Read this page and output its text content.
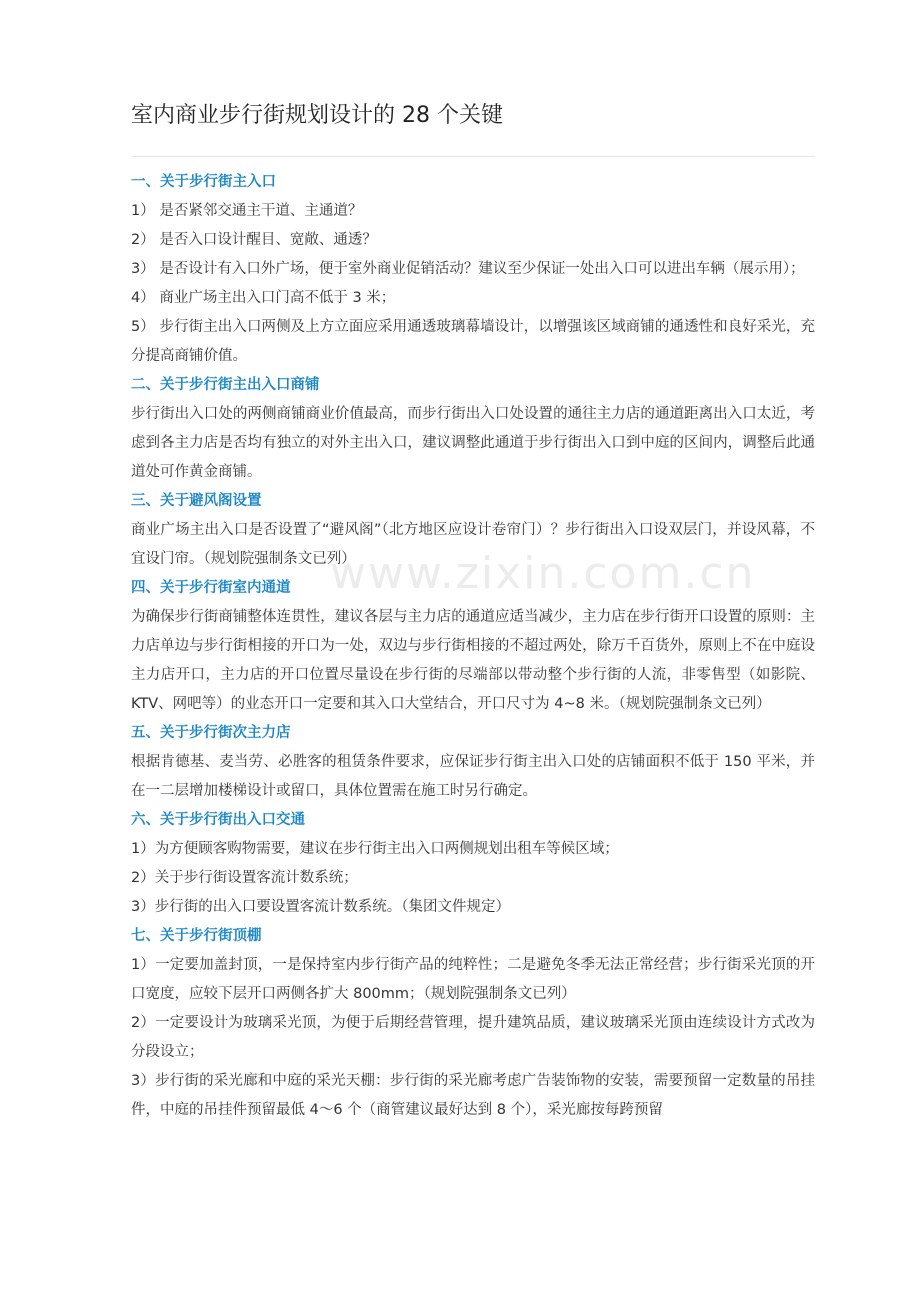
室内商业步行街规划设计的 28 个关键
www.zixin.com.cn

一、关于步行街主入口

1） 是否紧邻交通主干道、主通道？

2） 是否入口设计醒目、宽敞、通透？

3） 是否设计有入口外广场，便于室外商业促销活动？建议至少保证一处出入口可以进出车辆（展示用）；

4） 商业广场主出入口门高不低于 3 米；

5） 步行街主出入口两侧及上方立面应采用通透玻璃幕墙设计，以增强该区域商铺的通透性和良好采光，充分提高商铺价值。

二、关于步行街主出入口商铺

步行街出入口处的两侧商铺商业价值最高，而步行街出入口处设置的通往主力店的通道距离出入口太近，考虑到各主力店是否均有独立的对外主出入口，建议调整此通道于步行街出入口到中庭的区间内，调整后此通道处可作黄金商铺。

三、关于避风阁设置

商业广场主出入口是否设置了“避风阁”（北方地区应设计卷帘门）？步行街出入口设双层门，并设风幕，不宜设门帘。（规划院强制条文已列）

四、关于步行街室内通道

为确保步行街商铺整体连贯性，建议各层与主力店的通道应适当减少，主力店在步行街开口设置的原则：主力店单边与步行街相接的开口为一处，双边与步行街相接的不超过两处，除万千百货外，原则上不在中庭设主力店开口，主力店的开口位置尽量设在步行街的尽端部以带动整个步行街的人流，非零售型（如影院、KTV、网吧等）的业态开口一定要和其入口大堂结合，开口尺寸为 4~8 米。（规划院强制条文已列）

五、关于步行街次主力店

根据肯德基、麦当劳、必胜客的租赁条件要求，应保证步行街主出入口处的店铺面积不低于 150 平米，并在一二层增加楼梯设计或留口，具体位置需在施工时另行确定。

六、关于步行街出入口交通

1）为方便顾客购物需要，建议在步行街主出入口两侧规划出租车等候区域；

2）关于步行街设置客流计数系统；

3）步行街的出入口要设置客流计数系统。（集团文件规定）

七、关于步行街顶棚

1）一定要加盖封顶，一是保持室内步行街产品的纯粹性；二是避免冬季无法正常经营；步行街采光顶的开口宽度，应较下层开口两侧各扩大 800mm；（规划院强制条文已列）

2）一定要设计为玻璃采光顶，为便于后期经营管理，提升建筑品质，建议玻璃采光顶由连续设计方式改为分段设立；

3）步行街的采光廊和中庭的采光天棚：步行街的采光廊考虑广告装饰物的安装，需要预留一定数量的吊挂件，中庭的吊挂件预留最低 4～6 个（商管建议最好达到 8 个），采光廊按每跨预留
